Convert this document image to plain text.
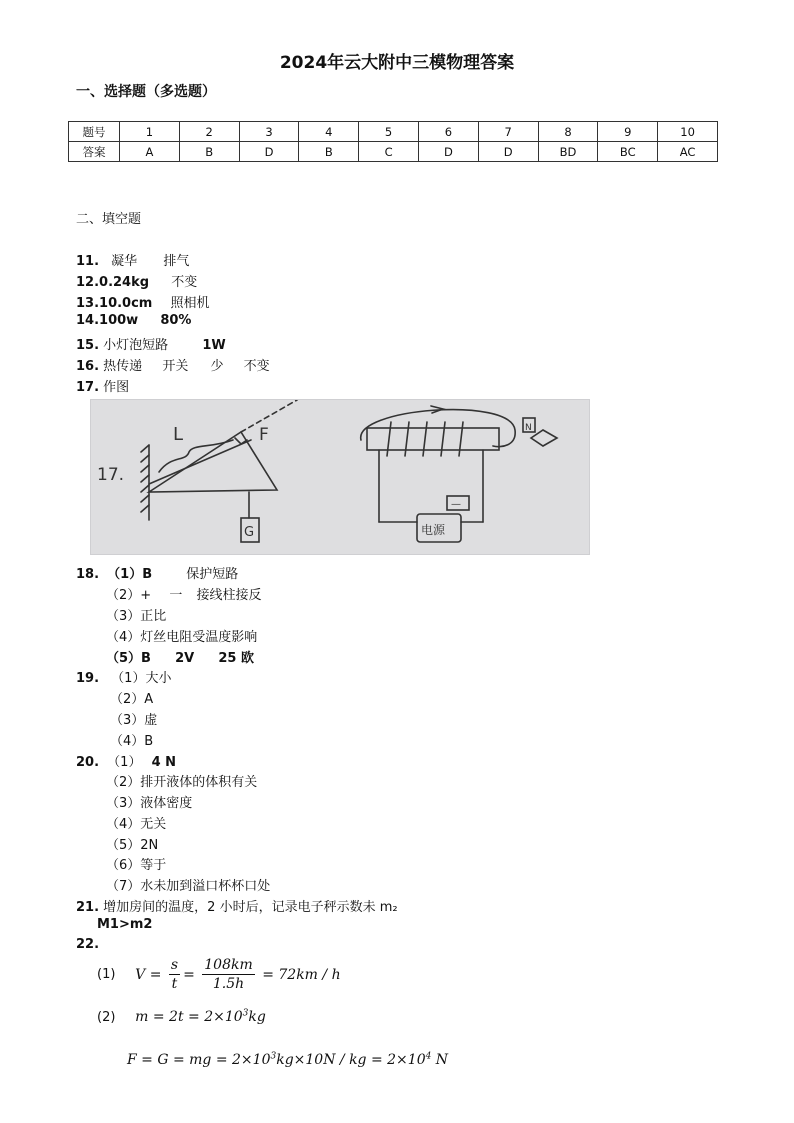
2024年云大附中三模物理答案
一、选择题（多选题）
题号	1	2	3	4	5	6	7	8	9	10
答案	A	B	D	B	C	D	D	BD	BC	AC
二、填空题
11. 凝华 排气
12.0.24kg 不变
13.10.0cm 照相机
14.100w 80%
15. 小灯泡短路	1W
16. 热传递 开关 少 不变
17. 作图
17.
L	F
G	电源
—
N
18. （1）B	保护短路
（2）+ 一 接线柱接反
（3）正比
（4）灯丝电阻受温度影响
（5）B 2V 25 欧
19. （1）大小
（2）A
（3）虚
（4）B
20. （1） 4 N
（2）排开液体的体积有关
（3）液体密度
（4）无关
（5）2N
（6）等于
（7）水未加到溢口杯杯口处
21. 增加房间的温度，2 小时后，记录电子秤示数未 m₂
M1>m2
22.
(1) $V = \frac{s}{t} = \frac{108km}{1.5h} = 72km / h$
(2) $m = 2t = 2\times 10^3kg$
F = G = mg = $2\times 10^3kg\times 10N$ / kg = $2\times 10^4$ N
